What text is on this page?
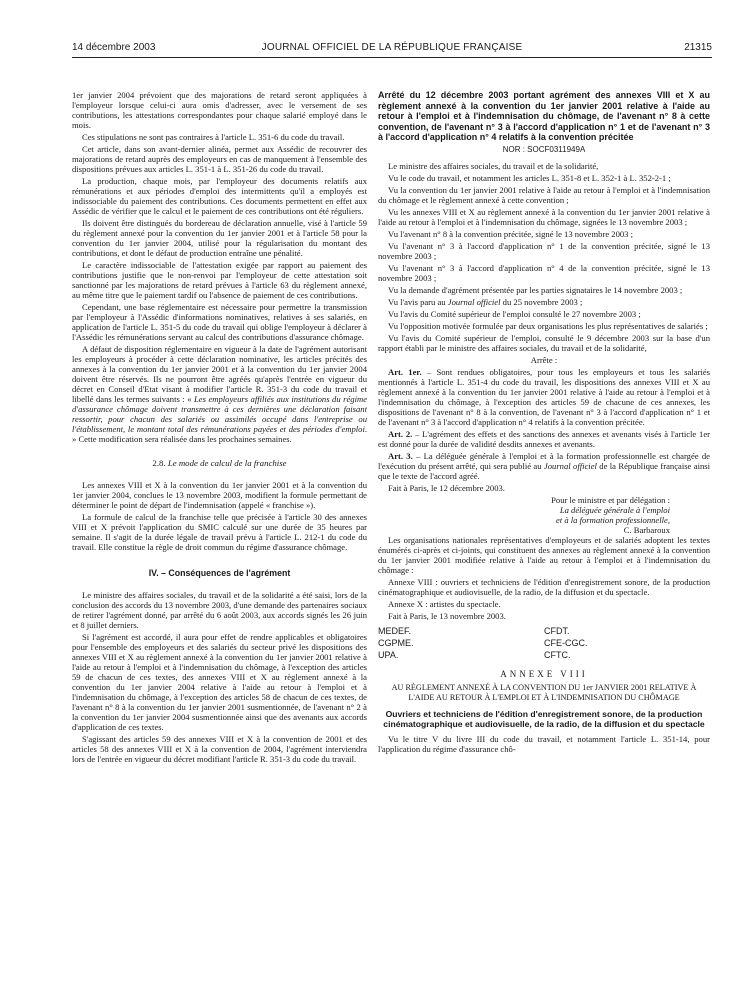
14 décembre 2003	JOURNAL OFFICIEL DE LA RÉPUBLIQUE FRANÇAISE	21315

1er janvier 2004 prévoient que des majorations de retard seront appliquées à l'employeur lorsque celui-ci aura omis d'adresser, avec le versement de ses contributions, les attestations correspondantes pour chaque salarié employé dans le mois.

Ces stipulations ne sont pas contraires à l'article L. 351-6 du code du travail.

Cet article, dans son avant-dernier alinéa, permet aux Assédic de recouvrer des majorations de retard auprès des employeurs en cas de manquement à l'ensemble des dispositions prévues aux articles L. 351-1 à L. 351-26 du code du travail.

La production, chaque mois, par l'employeur des documents relatifs aux rémunérations et aux périodes d'emploi des intermittents qu'il a employés est indissociable du paiement des contributions. Ces documents permettent en effet aux Assédic de vérifier que le calcul et le paiement de ces contributions ont été réguliers.

Ils doivent être distingués du bordereau de déclaration annuelle, visé à l'article 59 du règlement annexé pour la convention du 1er janvier 2001 et à l'article 58 pour la convention du 1er janvier 2004, utilisé pour la régularisation du montant des contributions, et dont le défaut de production entraîne une pénalité.

Le caractère indissociable de l'attestation exigée par rapport au paiement des contributions justifie que le non-renvoi par l'employeur de cette attestation soit sanctionné par les majorations de retard prévues à l'article 63 du règlement annexé, au même titre que le paiement tardif ou l'absence de paiement de ces contributions.

Cependant, une base réglementaire est nécessaire pour permettre la transmission par l'employeur à l'Assédic d'informations nominatives, relatives à ses salariés, en application de l'article L. 351-5 du code du travail qui oblige l'employeur à déclarer à l'Assédic les rémunérations servant au calcul des contributions d'assurance chômage.

A défaut de disposition réglementaire en vigueur à la date de l'agrément autorisant les employeurs à procéder à cette déclaration nominative, les articles précités des annexes à la convention du 1er janvier 2001 et à la convention du 1er janvier 2004 doivent être réservés. Ils ne pourront être agréés qu'après l'entrée en vigueur du décret en Conseil d'Etat visant à modifier l'article R. 351-3 du code du travail et libellé dans les termes suivants : « Les employeurs affiliés aux institutions du régime d'assurance chômage doivent transmettre à ces dernières une déclaration faisant ressortir, pour chacun des salariés ou assimilés occupé dans l'entreprise ou l'établissement, le montant total des rémunérations payées et des périodes d'emploi. » Cette modification sera réalisée dans les prochaines semaines.

2.8. Le mode de calcul de la franchise

Les annexes VIII et X à la convention du 1er janvier 2001 et à la convention du 1er janvier 2004, conclues le 13 novembre 2003, modifient la formule permettant de déterminer le point de départ de l'indemnisation (appelé « franchise »).

La formule de calcul de la franchise telle que précisée à l'article 30 des annexes VIII et X prévoit l'application du SMIC calculé sur une durée de 35 heures par semaine. Il s'agit de la durée légale de travail prévu à l'article L. 212-1 du code du travail. Elle constitue la règle de droit commun du régime d'assurance chômage.

IV. – Conséquences de l'agrément

Le ministre des affaires sociales, du travail et de la solidarité a été saisi, lors de la conclusion des accords du 13 novembre 2003, d'une demande des partenaires sociaux de retirer l'agrément donné, par arrêté du 6 août 2003, aux accords signés les 26 juin et 8 juillet derniers.

Si l'agrément est accordé, il aura pour effet de rendre applicables et obligatoires pour l'ensemble des employeurs et des salariés du secteur privé les dispositions des annexes VIII et X au règlement annexé à la convention du 1er janvier 2001 relative à l'aide au retour à l'emploi et à l'indemnisation du chômage, à l'exception des articles 59 de chacun de ces textes, des annexes VIII et X au règlement annexé à la convention du 1er janvier 2004 relative à l'aide au retour à l'emploi et à l'indemnisation du chômage, à l'exception des articles 58 de chacun de ces textes, de l'avenant n° 8 à la convention du 1er janvier 2001 susmentionnée, de l'avenant n° 2 à la convention du 1er janvier 2004 susmentionnée ainsi que des avenants aux accords d'application de ces textes.

S'agissant des articles 59 des annexes VIII et X à la convention de 2001 et des articles 58 des annexes VIII et X à la convention de 2004, l'agrément interviendra lors de l'entrée en vigueur du décret modifiant l'article R. 351-3 du code du travail.

Arrêté du 12 décembre 2003 portant agrément des annexes VIII et X au règlement annexé à la convention du 1er janvier 2001 relative à l'aide au retour à l'emploi et à l'indemnisation du chômage, de l'avenant n° 8 à cette convention, de l'avenant n° 3 à l'accord d'application n° 1 et de l'avenant n° 3 à l'accord d'application n° 4 relatifs à la convention précitée
NOR : SOCF0311949A

Le ministre des affaires sociales, du travail et de la solidarité,

Vu le code du travail, et notamment les articles L. 351-8 et L. 352-1 à L. 352-2-1 ;

Vu la convention du 1er janvier 2001 relative à l'aide au retour à l'emploi et à l'indemnisation du chômage et le règlement annexé à cette convention ;

Vu les annexes VIII et X au règlement annexé à la convention du 1er janvier 2001 relative à l'aide au retour à l'emploi et à l'indemnisation du chômage, signées le 13 novembre 2003 ;

Vu l'avenant n° 8 à la convention précitée, signé le 13 novembre 2003 ;

Vu l'avenant n° 3 à l'accord d'application n° 1 de la convention précitée, signé le 13 novembre 2003 ;

Vu l'avenant n° 3 à l'accord d'application n° 4 de la convention précitée, signé le 13 novembre 2003 ;

Vu la demande d'agrément présentée par les parties signataires le 14 novembre 2003 ;

Vu l'avis paru au Journal officiel du 25 novembre 2003 ;

Vu l'avis du Comité supérieur de l'emploi consulté le 27 novembre 2003 ;

Vu l'opposition motivée formulée par deux organisations les plus représentatives de salariés ;

Vu l'avis du Comité supérieur de l'emploi, consulté le 9 décembre 2003 sur la base d'un rapport établi par le ministre des affaires sociales, du travail et de la solidarité,

Arrête :

Art. 1er. – Sont rendues obligatoires, pour tous les employeurs et tous les salariés mentionnés à l'article L. 351-4 du code du travail, les dispositions des annexes VIII et X au règlement annexé à la convention du 1er janvier 2001 relative à l'aide au retour à l'emploi et à l'indemnisation du chômage, à l'exception des articles 59 de chacune de ces annexes, les dispositions de l'avenant n° 8 à la convention, de l'avenant n° 3 à l'accord d'application n° 1 et de l'avenant n° 3 à l'accord d'application n° 4 relatifs à la convention précitée.

Art. 2. – L'agrément des effets et des sanctions des annexes et avenants visés à l'article 1er est donné pour la durée de validité desdits annexes et avenants.

Art. 3. – La déléguée générale à l'emploi et à la formation professionnelle est chargée de l'exécution du présent arrêté, qui sera publié au Journal officiel de la République française ainsi que le texte de l'accord agréé.

Fait à Paris, le 12 décembre 2003.

Pour le ministre et par délégation :
La déléguée générale à l'emploi
et à la formation professionnelle,
C. Barbaroux

Les organisations nationales représentatives d'employeurs et de salariés adoptent les textes énumérés ci-après et ci-joints, qui constituent des annexes au règlement annexé à la convention du 1er janvier 2001 modifiée relative à l'aide au retour à l'emploi et à l'indemnisation du chômage :

Annexe VIII : ouvriers et techniciens de l'édition d'enregistrement sonore, de la production cinématographique et audiovisuelle, de la radio, de la diffusion et du spectacle.

Annexe X : artistes du spectacle.

Fait à Paris, le 13 novembre 2003.

MEDEF.	CFDT.
CGPME.	CFE-CGC.
UPA.	CFTC.
ANNEXE VIII
AU RÈGLEMENT ANNEXÉ À LA CONVENTION DU 1er JANVIER 2001 RELATIVE À L'AIDE AU RETOUR À L'EMPLOI ET À L'INDEMNISATION DU CHÔMAGE
Ouvriers et techniciens de l'édition d'enregistrement sonore, de la production cinématographique et audiovisuelle, de la radio, de la diffusion et du spectacle

Vu le titre V du livre III du code du travail, et notamment l'article L. 351-14, pour l'application du régime d'assurance chô-
